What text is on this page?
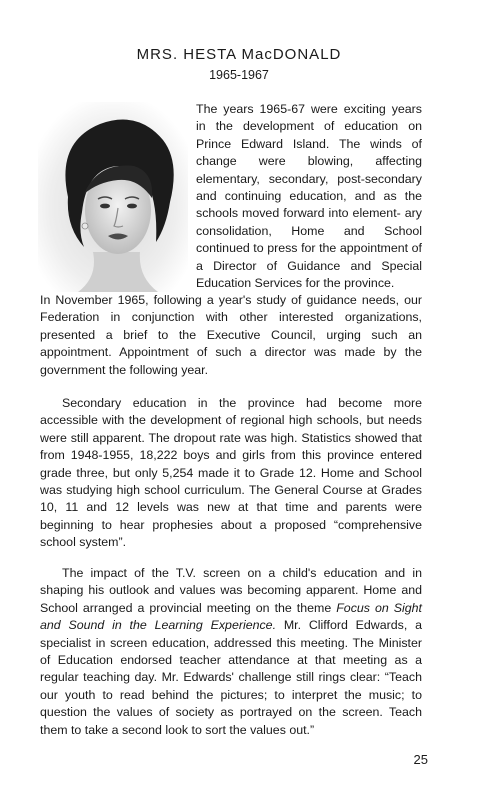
MRS. HESTA MacDONALD
1965-1967

The years 1965-67 were exciting years in the development of education on Prince Edward Island. The winds of change were blowing, affecting elementary, secondary, post-secondary and continuing education, and as the schools moved forward into element- ary consolidation, Home and School continued to press for the appointment of a Director of Guidance and Special Education Services for the province.

In November 1965, following a year's study of guidance needs, our Federation in conjunction with other interested organizations, presented a brief to the Executive Council, urging such an appointment. Appointment of such a director was made by the government the following year.

Secondary education in the province had become more accessible with the development of regional high schools, but needs were still apparent. The dropout rate was high. Statistics showed that from 1948-1955, 18,222 boys and girls from this province entered grade three, but only 5,254 made it to Grade 12. Home and School was studying high school curriculum. The General Course at Grades 10, 11 and 12 levels was new at that time and parents were beginning to hear prophesies about a proposed “comprehensive school system”.

The impact of the T.V. screen on a child's education and in shaping his outlook and values was becoming apparent. Home and School arranged a provincial meeting on the theme Focus on Sight and Sound in the Learning Experience. Mr. Clifford Edwards, a specialist in screen education, addressed this meeting. The Minister of Education endorsed teacher attendance at that meeting as a regular teaching day. Mr. Edwards' challenge still rings clear: “Teach our youth to read behind the pictures; to interpret the music; to question the values of society as portrayed on the screen. Teach them to take a second look to sort the values out.”

25
